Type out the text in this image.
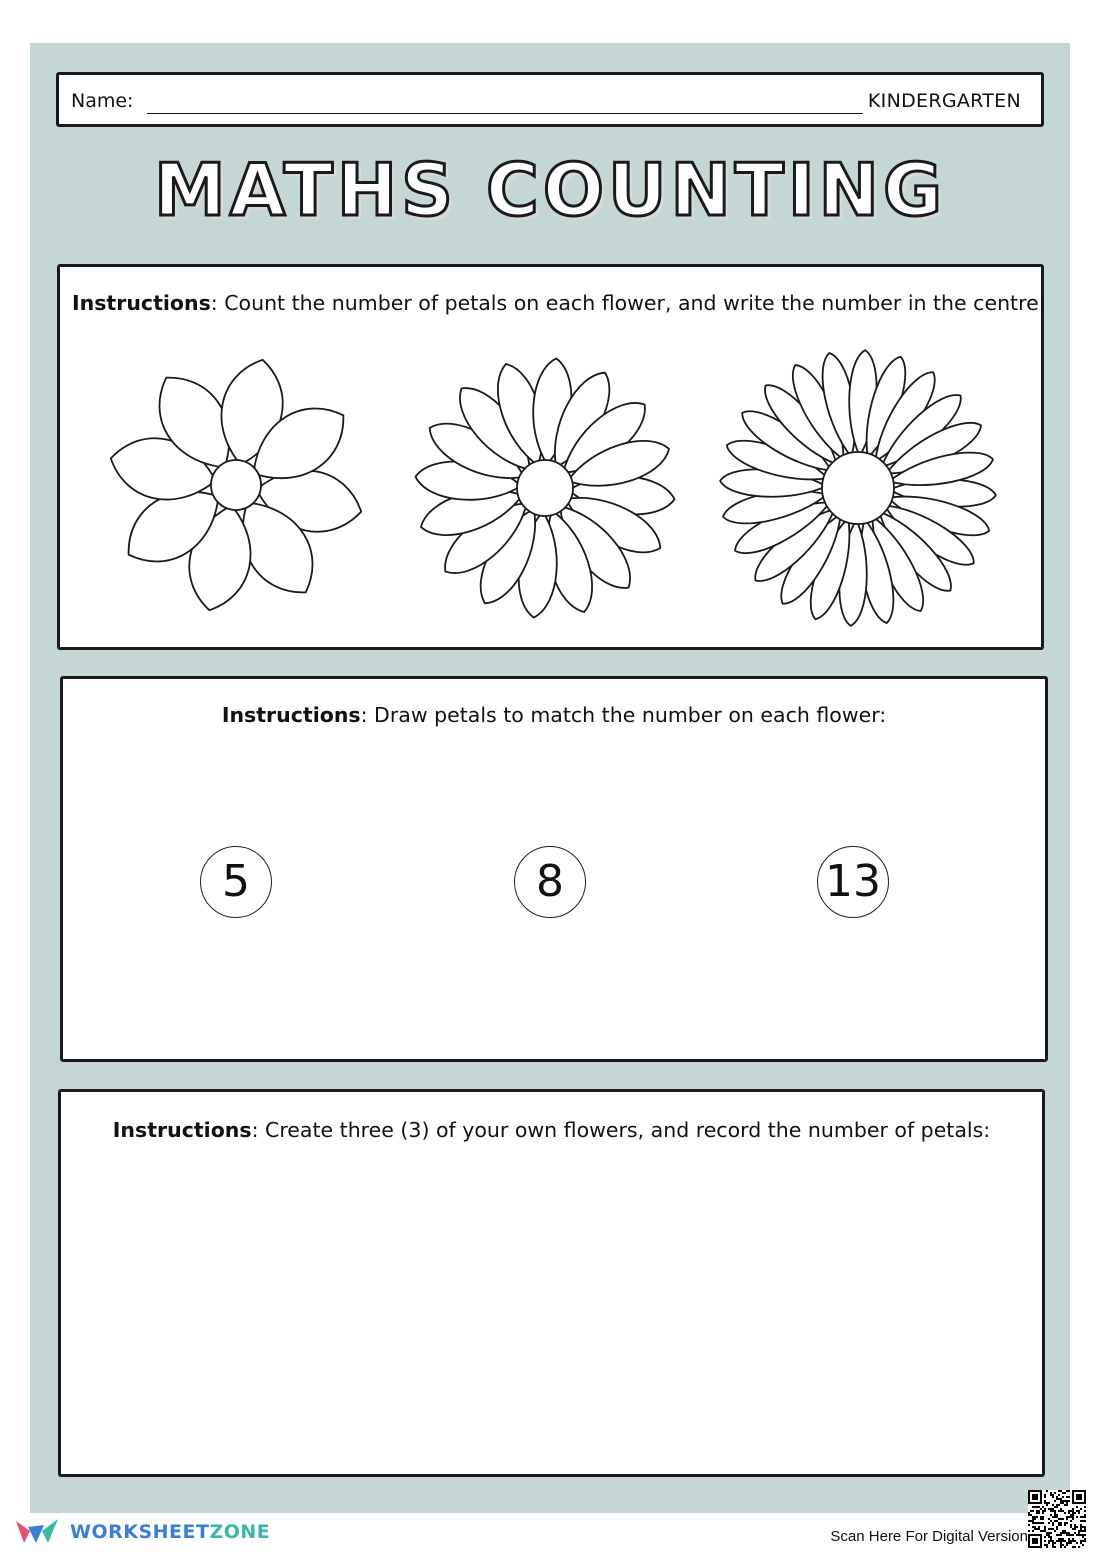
Name:	KINDERGARTEN
MATHS COUNTING
Instructions: Count the number of petals on each flower, and write the number in the centre:
Instructions: Draw petals to match the number on each flower:
5	8	13
Instructions: Create three (3) of your own flowers, and record the number of petals:
WORKSHEETZONE	Scan Here For Digital Version
